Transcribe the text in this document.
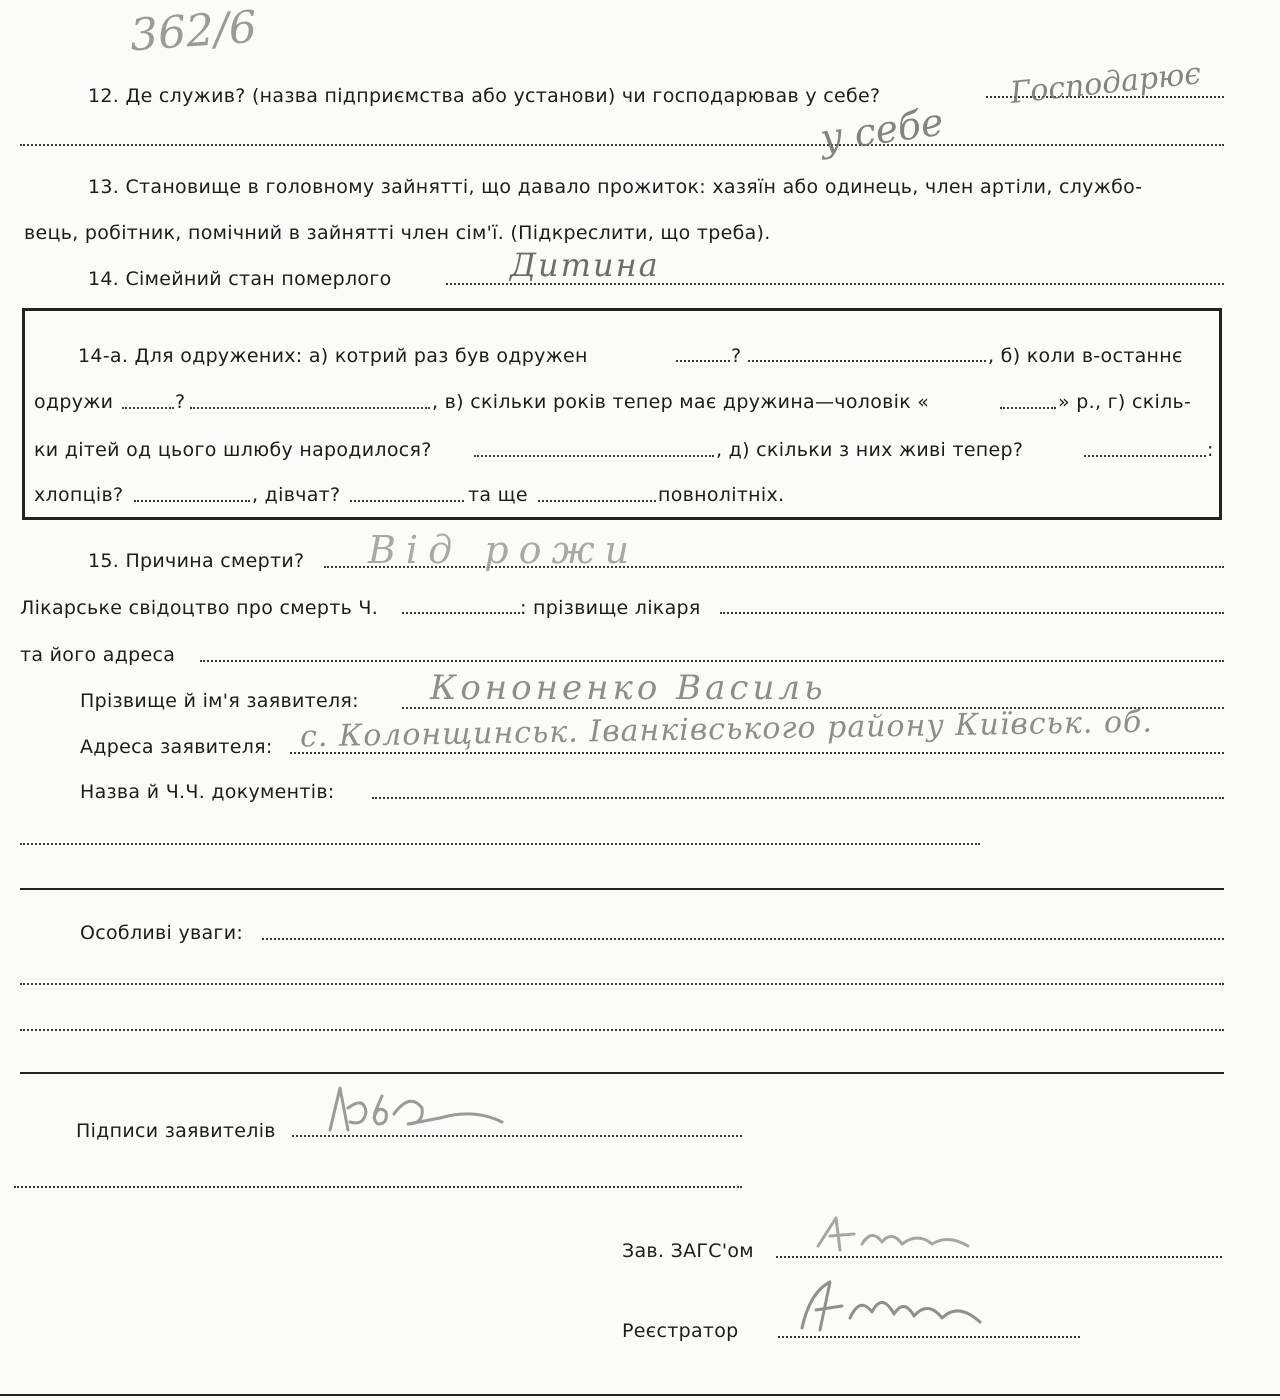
362/6
12. Де служив? (назва підприємства або установи) чи господарював у себе?	Господарює
у себе
13. Становище в головному зайнятті, що давало прожиток: хазяїн або одинець, член артіли, службо-
вець, робітник, помічний в зайнятті член сім'ї. (Підкреслити, що треба).
14. Сімейний стан померлого	Дитина
14-а. Для одружених: а) котрий раз був одружен	?	, б) коли в-останнє
одружи	?	, в) скільки років тепер має дружина—чоловік «	» р., г) скіль-
ки дітей од цього шлюбу народилося?	, д) скільки з них живі тепер?	:
хлопців?	, дівчат?	та ще	повнолітніх.
15. Причина смерти? Від рожи
Лікарське свідоцтво про смерть Ч.	: прізвище лікаря
та його адреса
Прізвище й ім'я заявителя: Кононенко Василь
Адреса заявителя: с. Колонщинськ. Іванківського району Київськ. об.
Назва й Ч.Ч. документів:
Особливі уваги:
Підписи заявителів
Зав. ЗАГС'ом
Реєстратор
